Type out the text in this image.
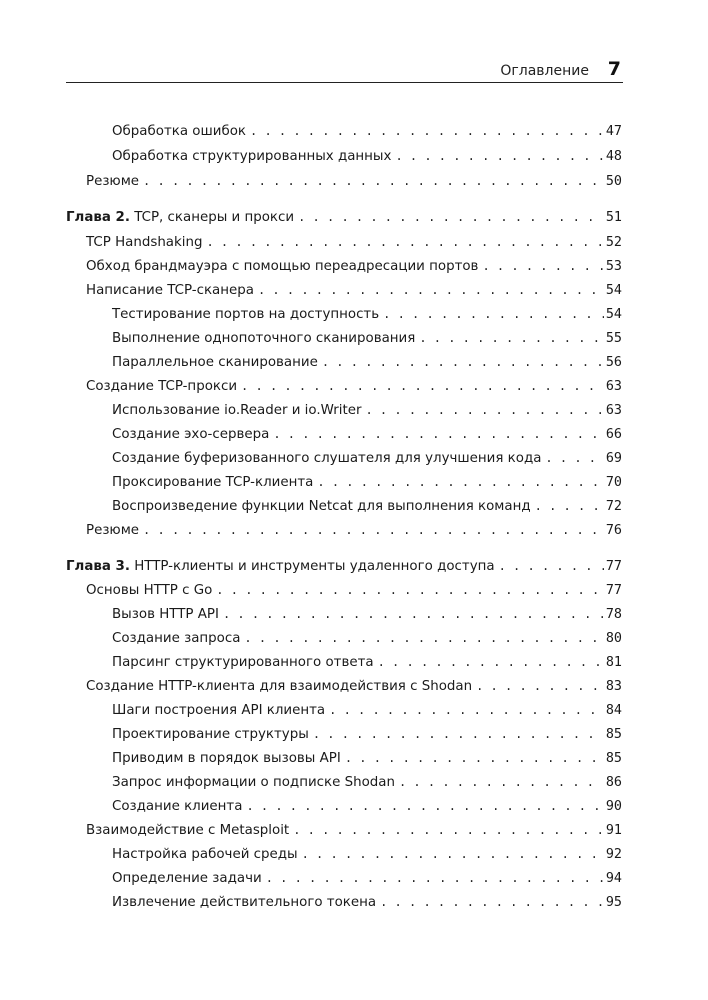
Оглавление 7
Обработка ошибок . . .	47
Обработка структурированных данных . . .	48
Резюме . . .	50
Глава 2. TCP, сканеры и прокси . . .	51
TCP Handshaking . . .	52
Обход брандмауэра с помощью переадресации портов . . .	53
Написание TCP-сканера . . .	54
Тестирование портов на доступность . . .	54
Выполнение однопоточного сканирования . . .	55
Параллельное сканирование . . .	56
Создание TCP-прокси . . .	63
Использование io.Reader и io.Writer . . .	63
Создание эхо-сервера . . .	66
Создание буферизованного слушателя для улучшения кода . . .	69
Проксирование TCP-клиента . . .	70
Воспроизведение функции Netcat для выполнения команд . . .	72
Резюме . . .	76
Глава 3. HTTP-клиенты и инструменты удаленного доступа . . .	77
Основы HTTP с Go . . .	77
Вызов HTTP API . . .	78
Создание запроса . . .	80
Парсинг структурированного ответа . . .	81
Создание HTTP-клиента для взаимодействия с Shodan . . .	83
Шаги построения API клиента . . .	84
Проектирование структуры . . .	85
Приводим в порядок вызовы API . . .	85
Запрос информации о подписке Shodan . . .	86
Создание клиента . . .	90
Взаимодействие с Metasploit . . .	91
Настройка рабочей среды . . .	92
Определение задачи . . .	94
Извлечение действительного токена . . .	95
